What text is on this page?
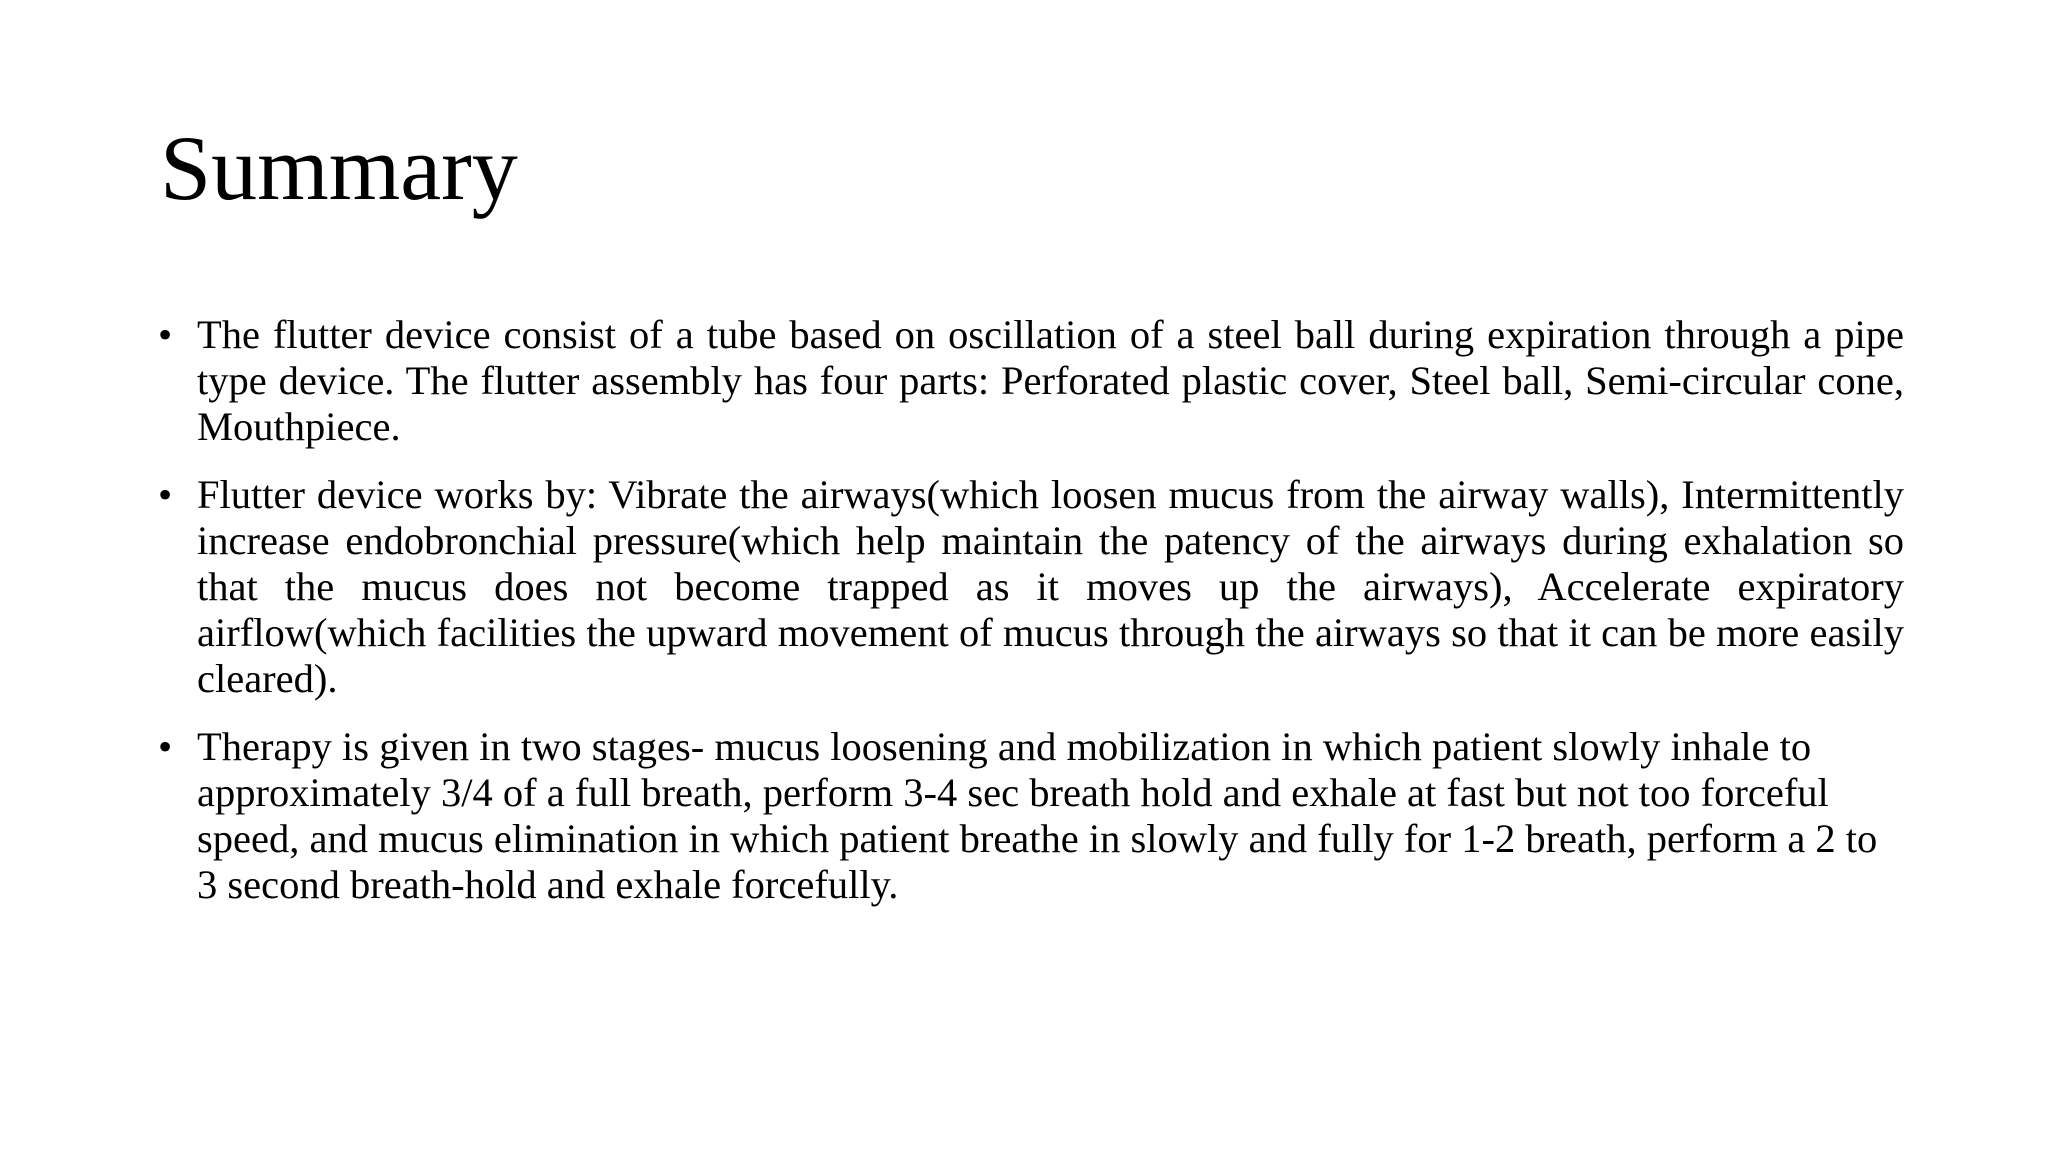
Summary
• The flutter device consist of a tube based on oscillation of a steel ball during expiration through a pipe type device. The flutter assembly has four parts: Perforated plastic cover, Steel ball, Semi-circular cone, Mouthpiece.
• Flutter device works by: Vibrate the airways(which loosen mucus from the airway walls), Intermittently increase endobronchial pressure(which help maintain the patency of the airways during exhalation so that the mucus does not become trapped as it moves up the airways), Accelerate expiratory airflow(which facilities the upward movement of mucus through the airways so that it can be more easily cleared).
• Therapy is given in two stages- mucus loosening and mobilization in which patient slowly inhale to approximately 3/4 of a full breath, perform 3-4 sec breath hold and exhale at fast but not too forceful speed, and mucus elimination in which patient breathe in slowly and fully for 1-2 breath, perform a 2 to 3 second breath-hold and exhale forcefully.
